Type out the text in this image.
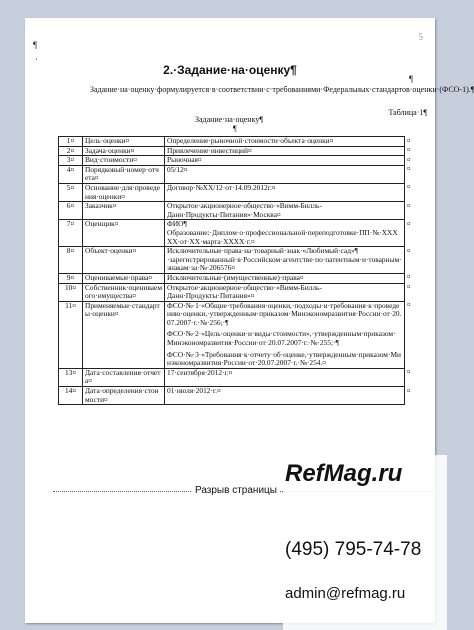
5
¶
·
2.·Задание·на·оценку¶
¶
Задание·на·оценку·формулируется·в·соответствии·с·требованиями·Федеральных·стандартов·оценки·(ФСО-1).¶
Таблица·1¶
Задание·на·оценку¶
¶
1¤	Цель·оценки¤	Определение·рыночной·стоимости·объекта·оценки¤	¤
2¤	Задача·оценки¤	Привлечение·инвестиций¤	¤
3¤	Вид·стоимости¤	Рыночная¤	¤
4¤	Порядковый·номер·отчета¤	05/12¤	¤
5¤	Основание·для·проведения·оценки¤	Договор·№ХХ/12·от·14.09.2012г.¤	¤
6¤	Заказчик¤	Открытое·акционерное·общество·«Вимм-Билль-Данн·Продукты·Питания»·Москва¤	¤
7¤	Оценщик¤	ФИО¶
Образование:·Диплом·о·профессиональной·переподготовке·ПП·№·ХХХХХ·от·ХХ·марта·ХХХХ·г.¤	¤
8¤	Объект·оценки¤	Исключительные·права·на·товарный·знак·«Любимый·сад»¶
·зарегистрированный·в·Российском·агентстве·по·патентным·и·товарным·знакам·за·№·206576¤	¤
9¤	Оцениваемые·права¤	Исключительные·(имущественные)·права¤	¤
10¤	Собственник·оцениваемого·имущества¤	Открытое·акционерное·общество·«Вимм-Билль-Данн·Продукты·Питания»¤	¤
11¤	Применяемые·стандарты·оценки¤	ФСО·№·1·«Общие·требования·оценки,·подходы·и·требования·к·проведению·оценки,·утвержденным·приказом·Минэкономразвития·России·от·20.07.2007·г.·№·256;·¶
ФСО·№·2·«Цель·оценки·и·виды·стоимости»,·утвержденным·приказом·Минэкономразвития·России·от·20.07.2007·г.·№·255;·¶
ФСО·№·3·«Требования·к·отчету·об·оценке,·утвержденным·приказом·Минэкономразвития·России·от·20.07.2007·г.·№·254.¤	¤
13¤	Дата·составления·отчета¤	17·сентября·2012·г.¤	¤
14¤	Дата·определения·стоимости¤	01·июля·2012·г.¤	¤
Разрыв страницы
RefMag.ru
(495) 795-74-78
admin@refmag.ru
